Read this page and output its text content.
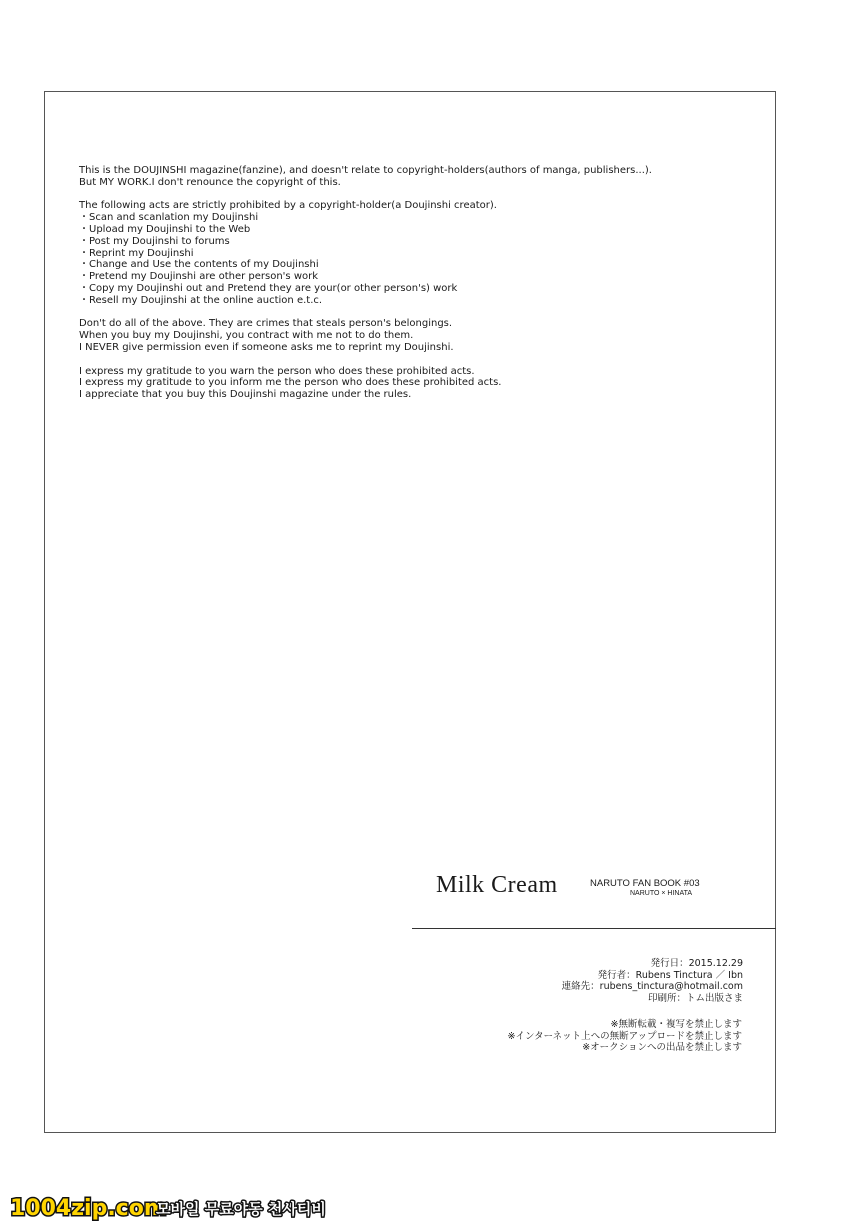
This is the DOUJINSHI magazine(fanzine), and doesn't relate to copyright-holders(authors of manga, publishers...).
But MY WORK.I don't renounce the copyright of this.

The following acts are strictly prohibited by a copyright-holder(a Doujinshi creator).
・Scan and scanlation my Doujinshi
・Upload my Doujinshi to the Web
・Post my Doujinshi to forums
・Reprint my Doujinshi
・Change and Use the contents of my Doujinshi
・Pretend my Doujinshi are other person's work
・Copy my Doujinshi out and Pretend they are your(or other person's) work
・Resell my Doujinshi at the online auction e.t.c.

Don't do all of the above. They are crimes that steals person's belongings.
When you buy my Doujinshi, you contract with me not to do them.
I NEVER give permission even if someone asks me to reprint my Doujinshi.

I express my gratitude to you warn the person who does these prohibited acts.
I express my gratitude to you inform me the person who does these prohibited acts.
I appreciate that you buy this Doujinshi magazine under the rules.

Milk Cream	NARUTO FAN BOOK #03
NARUTO × HINATA
発行日：2015.12.29
発行者：Rubens Tinctura ／ Ibn
連絡先：rubens_tinctura@hotmail.com
印刷所：トム出版さま
※無断転載・複写を禁止します
※インターネット上への無断アップロードを禁止します
※オークションへの出品を禁止します
1004zip.com
모바일 무료야동 천사티비
